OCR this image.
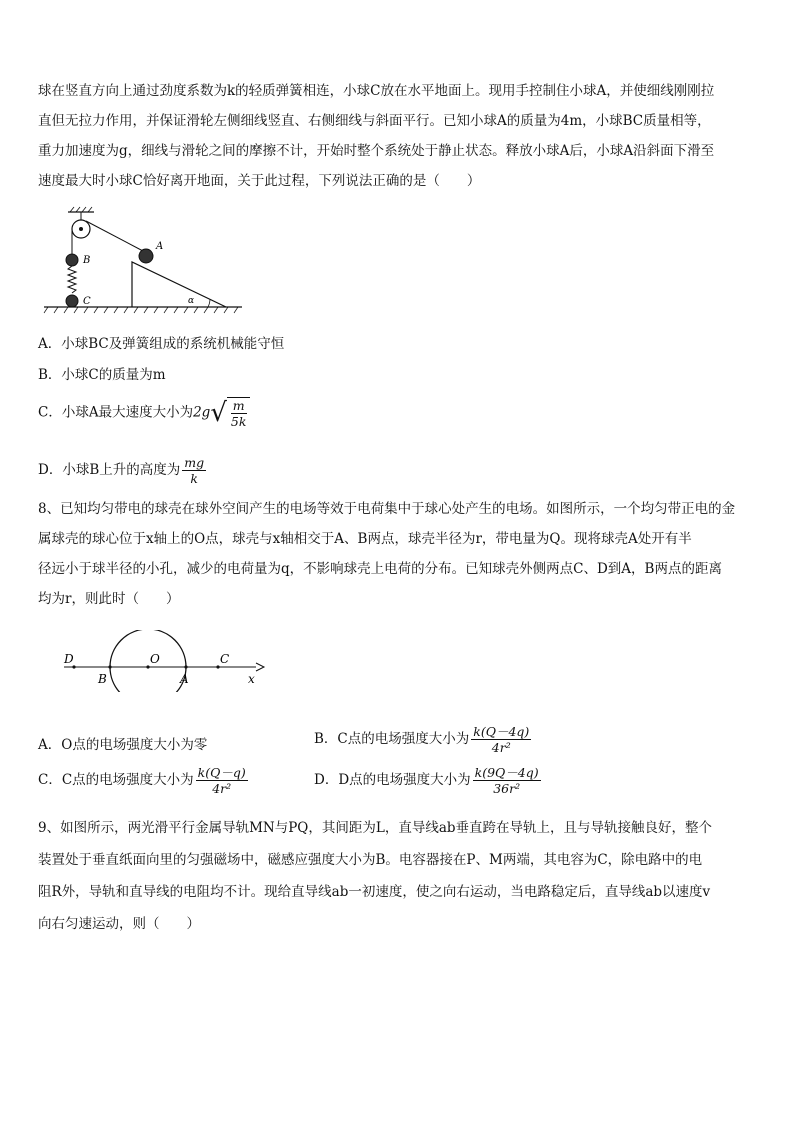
球在竖直方向上通过劲度系数为k的轻质弹簧相连，小球C放在水平地面上。现用手控制住小球A，并使细线刚刚拉
直但无拉力作用，并保证滑轮左侧细线竖直、右侧细线与斜面平行。已知小球A的质量为4m，小球BC质量相等，
重力加速度为g，细线与滑轮之间的摩擦不计，开始时整个系统处于静止状态。释放小球A后，小球A沿斜面下滑至
速度最大时小球C恰好离开地面，关于此过程，下列说法正确的是（　　）
B
C
A
α
A．小球BC及弹簧组成的系统机械能守恒
B．小球C的质量为m
C．小球A最大速度大小为2g √ $\frac{m}{5k}$
D．小球B上升的高度为 $\frac{mg}{k}$
8、已知均匀带电的球壳在球外空间产生的电场等效于电荷集中于球心处产生的电场。如图所示，一个均匀带正电的金
属球壳的球心位于x轴上的O点，球壳与x轴相交于A、B两点，球壳半径为r，带电量为Q。现将球壳A处开有半
径远小于球半径的小孔，减少的电荷量为q，不影响球壳上电荷的分布。已知球壳外侧两点C、D到A，B两点的距离
均为r，则此时（　　）
D	O	C
B	A	x
A．O点的电场强度大小为零	B．C点的电场强度大小为 $\frac{k(Q-4q)}{\text{4r²}}$
C．C点的电场强度大小为 $\frac{k(Q-q)}{\text{4r²}}$	D．D点的电场强度大小为 $\frac{k(9Q-4q)}{\text{36r²}}$
9、如图所示，两光滑平行金属导轨MN与PQ，其间距为L，直导线ab垂直跨在导轨上，且与导轨接触良好，整个
装置处于垂直纸面向里的匀强磁场中，磁感应强度大小为B。电容器接在P、M两端，其电容为C，除电路中的电
阻R外，导轨和直导线的电阻均不计。现给直导线ab一初速度，使之向右运动，当电路稳定后，直导线ab以速度v
向右匀速运动，则（　　）
